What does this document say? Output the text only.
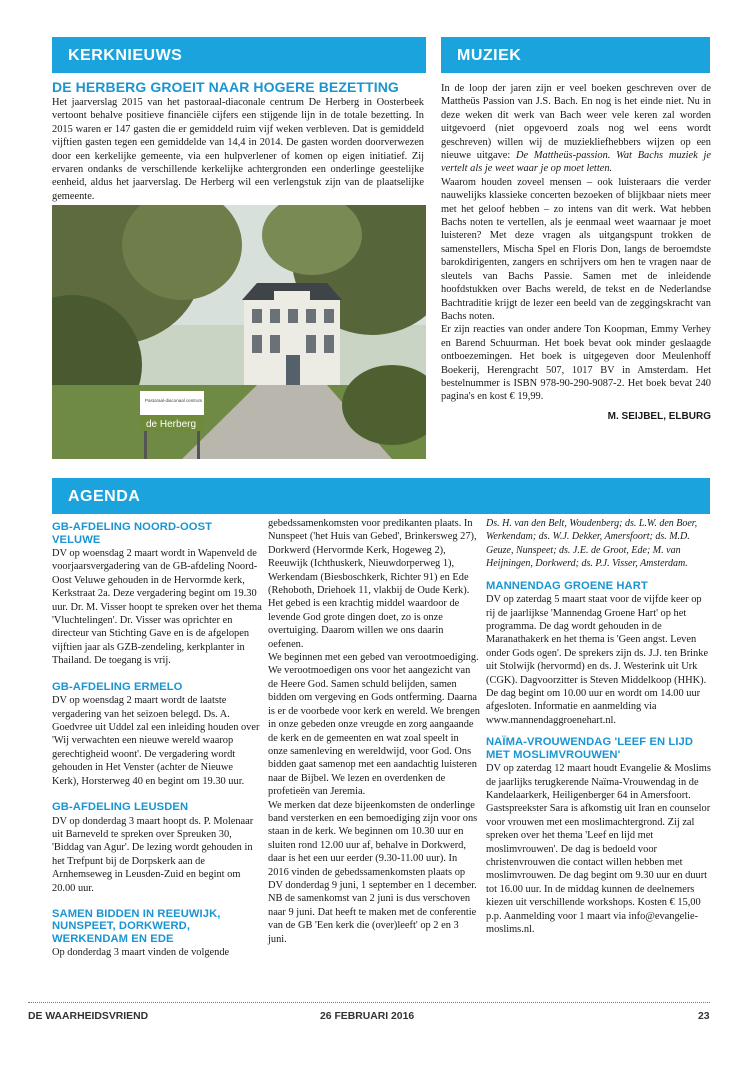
KERKNIEUWS	MUZIEK
DE HERBERG GROEIT NAAR HOGERE BEZETTING

Het jaarverslag 2015 van het pastoraal-diaconale centrum De Herberg in Oosterbeek vertoont behalve positieve financiële cijfers een stijgende lijn in de totale bezetting. In 2015 waren er 147 gasten die er gemiddeld ruim vijf weken verbleven. Dat is gemiddeld vijftien gasten tegen een gemiddelde van 14,4 in 2014. De gasten worden doorverwezen door een kerkelijke gemeente, via een hulpverlener of komen op eigen initiatief. Zij ervaren ondanks de verschillende kerkelijke achtergronden een onderlinge geestelijke eenheid, aldus het jaarverslag. De Herberg wil een verlengstuk zijn van de plaatselijke gemeente.

Pastoraal-diaconaal centrum
de Herberg

In de loop der jaren zijn er veel boeken geschreven over de Mattheüs Passion van J.S. Bach. En nog is het einde niet. Nu in deze weken dit werk van Bach weer vele keren zal worden uitgevoerd (niet opgevoerd zoals nog wel eens wordt geschreven) willen wij de muziekliefhebbers wijzen op een nieuwe uitgave: De Mattheüs-passion. Wat Bachs muziek je vertelt als je weet waar je op moet letten.

Waarom houden zoveel mensen – ook luisteraars die verder nauwelijks klassieke concerten bezoeken of blijkbaar niets meer met het geloof hebben – zo intens van dit werk. Wat hebben Bachs noten te vertellen, als je eenmaal weet waarnaar je moet luisteren? Met deze vragen als uitgangspunt trokken de samenstellers, Mischa Spel en Floris Don, langs de beroemdste barokdirigenten, zangers en schrijvers om hen te vragen naar de sleutels van Bachs Passie. Samen met de inleidende hoofdstukken over Bachs wereld, de tekst en de Nederlandse Bachtraditie krijgt de lezer een beeld van de zeggingskracht van Bachs noten.

Er zijn reacties van onder andere Ton Koopman, Emmy Verhey en Barend Schuurman. Het boek bevat ook minder geslaagde ontboezemingen. Het boek is uitgegeven door Meulenhoff Boekerij, Herengracht 507, 1017 BV in Amsterdam. Het bestelnummer is ISBN 978-90-290-9087-2. Het boek bevat 240 pagina's en kost € 19,99.

M. SEIJBEL, ELBURG
AGENDA
GB-AFDELING NOORD-OOST VELUWE

DV op woensdag 2 maart wordt in Wapenveld de voorjaarsvergadering van de GB-afdeling Noord-Oost Veluwe gehouden in de Hervormde kerk, Kerkstraat 2a. Deze vergadering begint om 19.30 uur. Dr. M. Visser hoopt te spreken over het thema 'Vluchtelingen'. Dr. Visser was oprichter en directeur van Stichting Gave en is de afgelopen vijftien jaar als GZB-zendeling, kerkplanter in Thailand. De toegang is vrij.

GB-AFDELING ERMELO

DV op woensdag 2 maart wordt de laatste vergadering van het seizoen belegd. Ds. A. Goedvree uit Uddel zal een inleiding houden over 'Wij verwachten een nieuwe wereld waarop gerechtigheid woont'. De vergadering wordt gehouden in Het Venster (achter de Nieuwe Kerk), Horsterweg 40 en begint om 19.30 uur.

GB-AFDELING LEUSDEN

DV op donderdag 3 maart hoopt ds. P. Molenaar uit Barneveld te spreken over Spreuken 30, 'Biddag van Agur'. De lezing wordt gehouden in het Trefpunt bij de Dorpskerk aan de Arnhemseweg in Leusden-Zuid en begint om 20.00 uur.

SAMEN BIDDEN IN REEUWIJK, NUNSPEET, DORKWERD, WERKENDAM EN EDE

Op donderdag 3 maart vinden de volgende

gebedssamenkomsten voor predikanten plaats. In Nunspeet ('het Huis van Gebed', Brinkersweg 27), Dorkwerd (Hervormde Kerk, Hogeweg 2), Reeuwijk (Ichthuskerk, Nieuwdorperweg 1), Werkendam (Biesboschkerk, Richter 91) en Ede (Rehoboth, Driehoek 11, vlakbij de Oude Kerk).
Het gebed is een krachtig middel waardoor de levende God grote dingen doet, zo is onze overtuiging. Daarom willen we ons daarin oefenen.
We beginnen met een gebed van verootmoediging. We verootmoedigen ons voor het aangezicht van de Heere God. Samen schuld belijden, samen bidden om vergeving en Gods ontferming. Daarna is er de voorbede voor kerk en wereld. We brengen in onze gebeden onze vreugde en zorg aangaande de kerk en de gemeenten en wat zoal speelt in onze samenleving en wereldwijd, voor God. Ons bidden gaat samenop met een aandachtig luisteren naar de Bijbel. We lezen en overdenken de profetieën van Jeremia.
We merken dat deze bijeenkomsten de onderlinge band versterken en een bemoediging zijn voor ons staan in de kerk. We beginnen om 10.30 uur en sluiten rond 12.00 uur af, behalve in Dorkwerd, daar is het een uur eerder (9.30-11.00 uur). In 2016 vinden de gebedssamenkomsten plaats op DV donderdag 9 juni, 1 september en 1 december.
NB de samenkomst van 2 juni is dus verschoven naar 9 juni. Dat heeft te maken met de conferentie van de GB 'Een kerk die (over)leeft' op 2 en 3 juni.

Ds. H. van den Belt, Woudenberg; ds. L.W. den Boer, Werkendam; ds. W.J. Dekker, Amersfoort; ds. M.D. Geuze, Nunspeet; ds. J.E. de Groot, Ede; M. van Heijningen, Dorkwerd; ds. P.J. Visser, Amsterdam.

MANNENDAG GROENE HART

DV op zaterdag 5 maart staat voor de vijfde keer op rij de jaarlijkse 'Mannendag Groene Hart' op het programma. De dag wordt gehouden in de Maranathakerk en het thema is 'Geen angst. Leven onder Gods ogen'. De sprekers zijn ds. J.J. ten Brinke uit Stolwijk (hervormd) en ds. J. Westerink uit Urk (CGK). Dagvoorzitter is Steven Middelkoop (HHK). De dag begint om 10.00 uur en wordt om 14.00 uur afgesloten. Informatie en aanmelding via www.mannendaggroenehart.nl.

NAÏMA-VROUWENDAG 'LEEF EN LIJD MET MOSLIMVROUWEN'

DV op zaterdag 12 maart houdt Evangelie & Moslims de jaarlijks terugkerende Naïma-Vrouwendag in de Kandelaarkerk, Heiligenberger 64 in Amersfoort. Gastspreekster Sara is afkomstig uit Iran en counselor voor vrouwen met een moslimachtergrond. Zij zal spreken over het thema 'Leef en lijd met moslimvrouwen'. De dag is bedoeld voor christenvrouwen die contact willen hebben met moslimvrouwen. De dag begint om 9.30 uur en duurt tot 16.00 uur. In de middag kunnen de deelnemers kiezen uit verschillende workshops. Kosten € 15,00 p.p. Aanmelding voor 1 maart via info@evangelie-moslims.nl.

DE WAARHEIDSVRIEND	26 FEBRUARI 2016	23
